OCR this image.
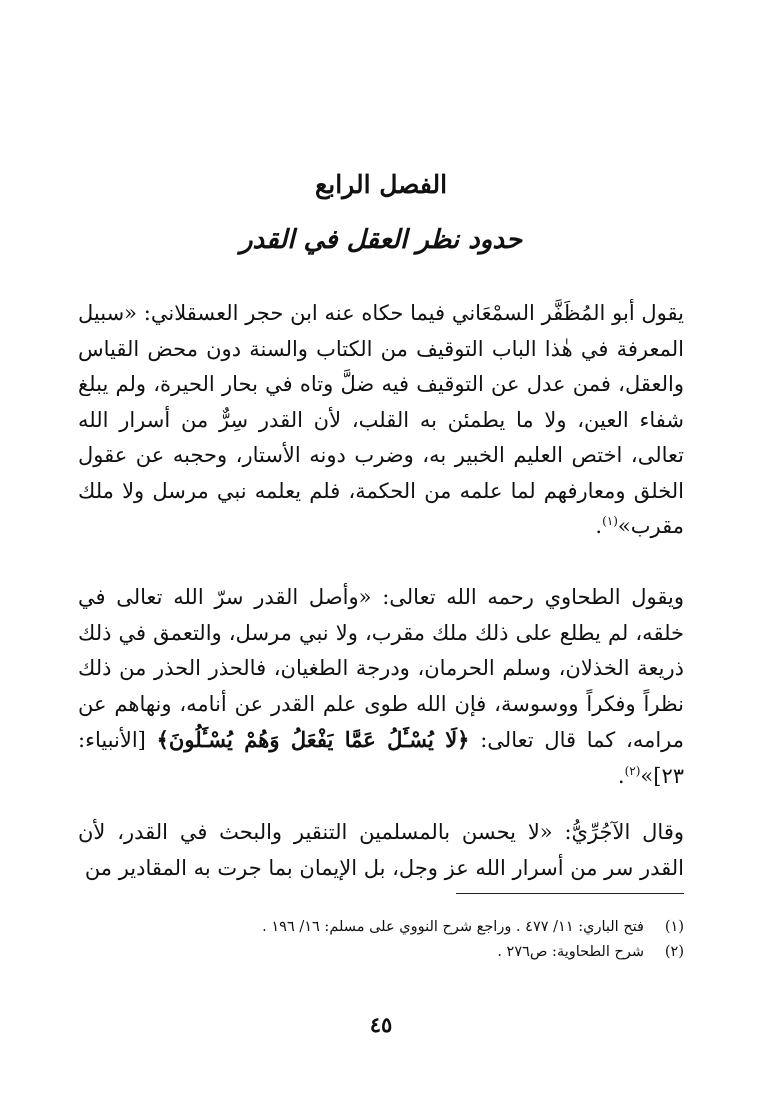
الفصل الرابع
حدود نظر العقل في القدر

يقول أبو المُظَفَّر السمْعَاني فيما حكاه عنه ابن حجر العسقلاني: «سبيل المعرفة في هٰذا الباب التوقيف من الكتاب والسنة دون محض القياس والعقل، فمن عدل عن التوقيف فيه ضلَّ وتاه في بحار الحيرة، ولم يبلغ شفاء العين، ولا ما يطمئن به القلب، لأن القدر سِرٌّ من أسرار الله تعالى، اختص العليم الخبير به، وضرب دونه الأستار، وحجبه عن عقول الخلق ومعارفهم لما علمه من الحكمة، فلم يعلمه نبي مرسل ولا ملك مقرب»$^{(١)}$.

ويقول الطحاوي رحمه الله تعالى: «وأصل القدر سرّ الله تعالى في خلقه، لم يطلع على ذلك ملك مقرب، ولا نبي مرسل، والتعمق في ذلك ذريعة الخذلان، وسلم الحرمان، ودرجة الطغيان، فالحذر الحذر من ذلك نظراً وفكراً ووسوسة، فإن الله طوى علم القدر عن أنامه، ونهاهم عن مرامه، كما قال تعالى: ﴿لَا يُسْـَٔلُ عَمَّا يَفْعَلُ وَهُمْ يُسْـَٔلُونَ﴾ [الأنبياء: ٢٣]»$^{(٢)}$.

وقال الآجُرِّيُّ: «لا يحسن بالمسلمين التنقير والبحث في القدر، لأن القدر سر من أسرار الله عز وجل، بل الإيمان بما جرت به المقادير من

(١)فتح الباري: ١١/ ٤٧٧ . وراجع شرح النووي على مسلم: ١٦/ ١٩٦ .
(٢)شرح الطحاوية: ص٢٧٦ .
٤٥
